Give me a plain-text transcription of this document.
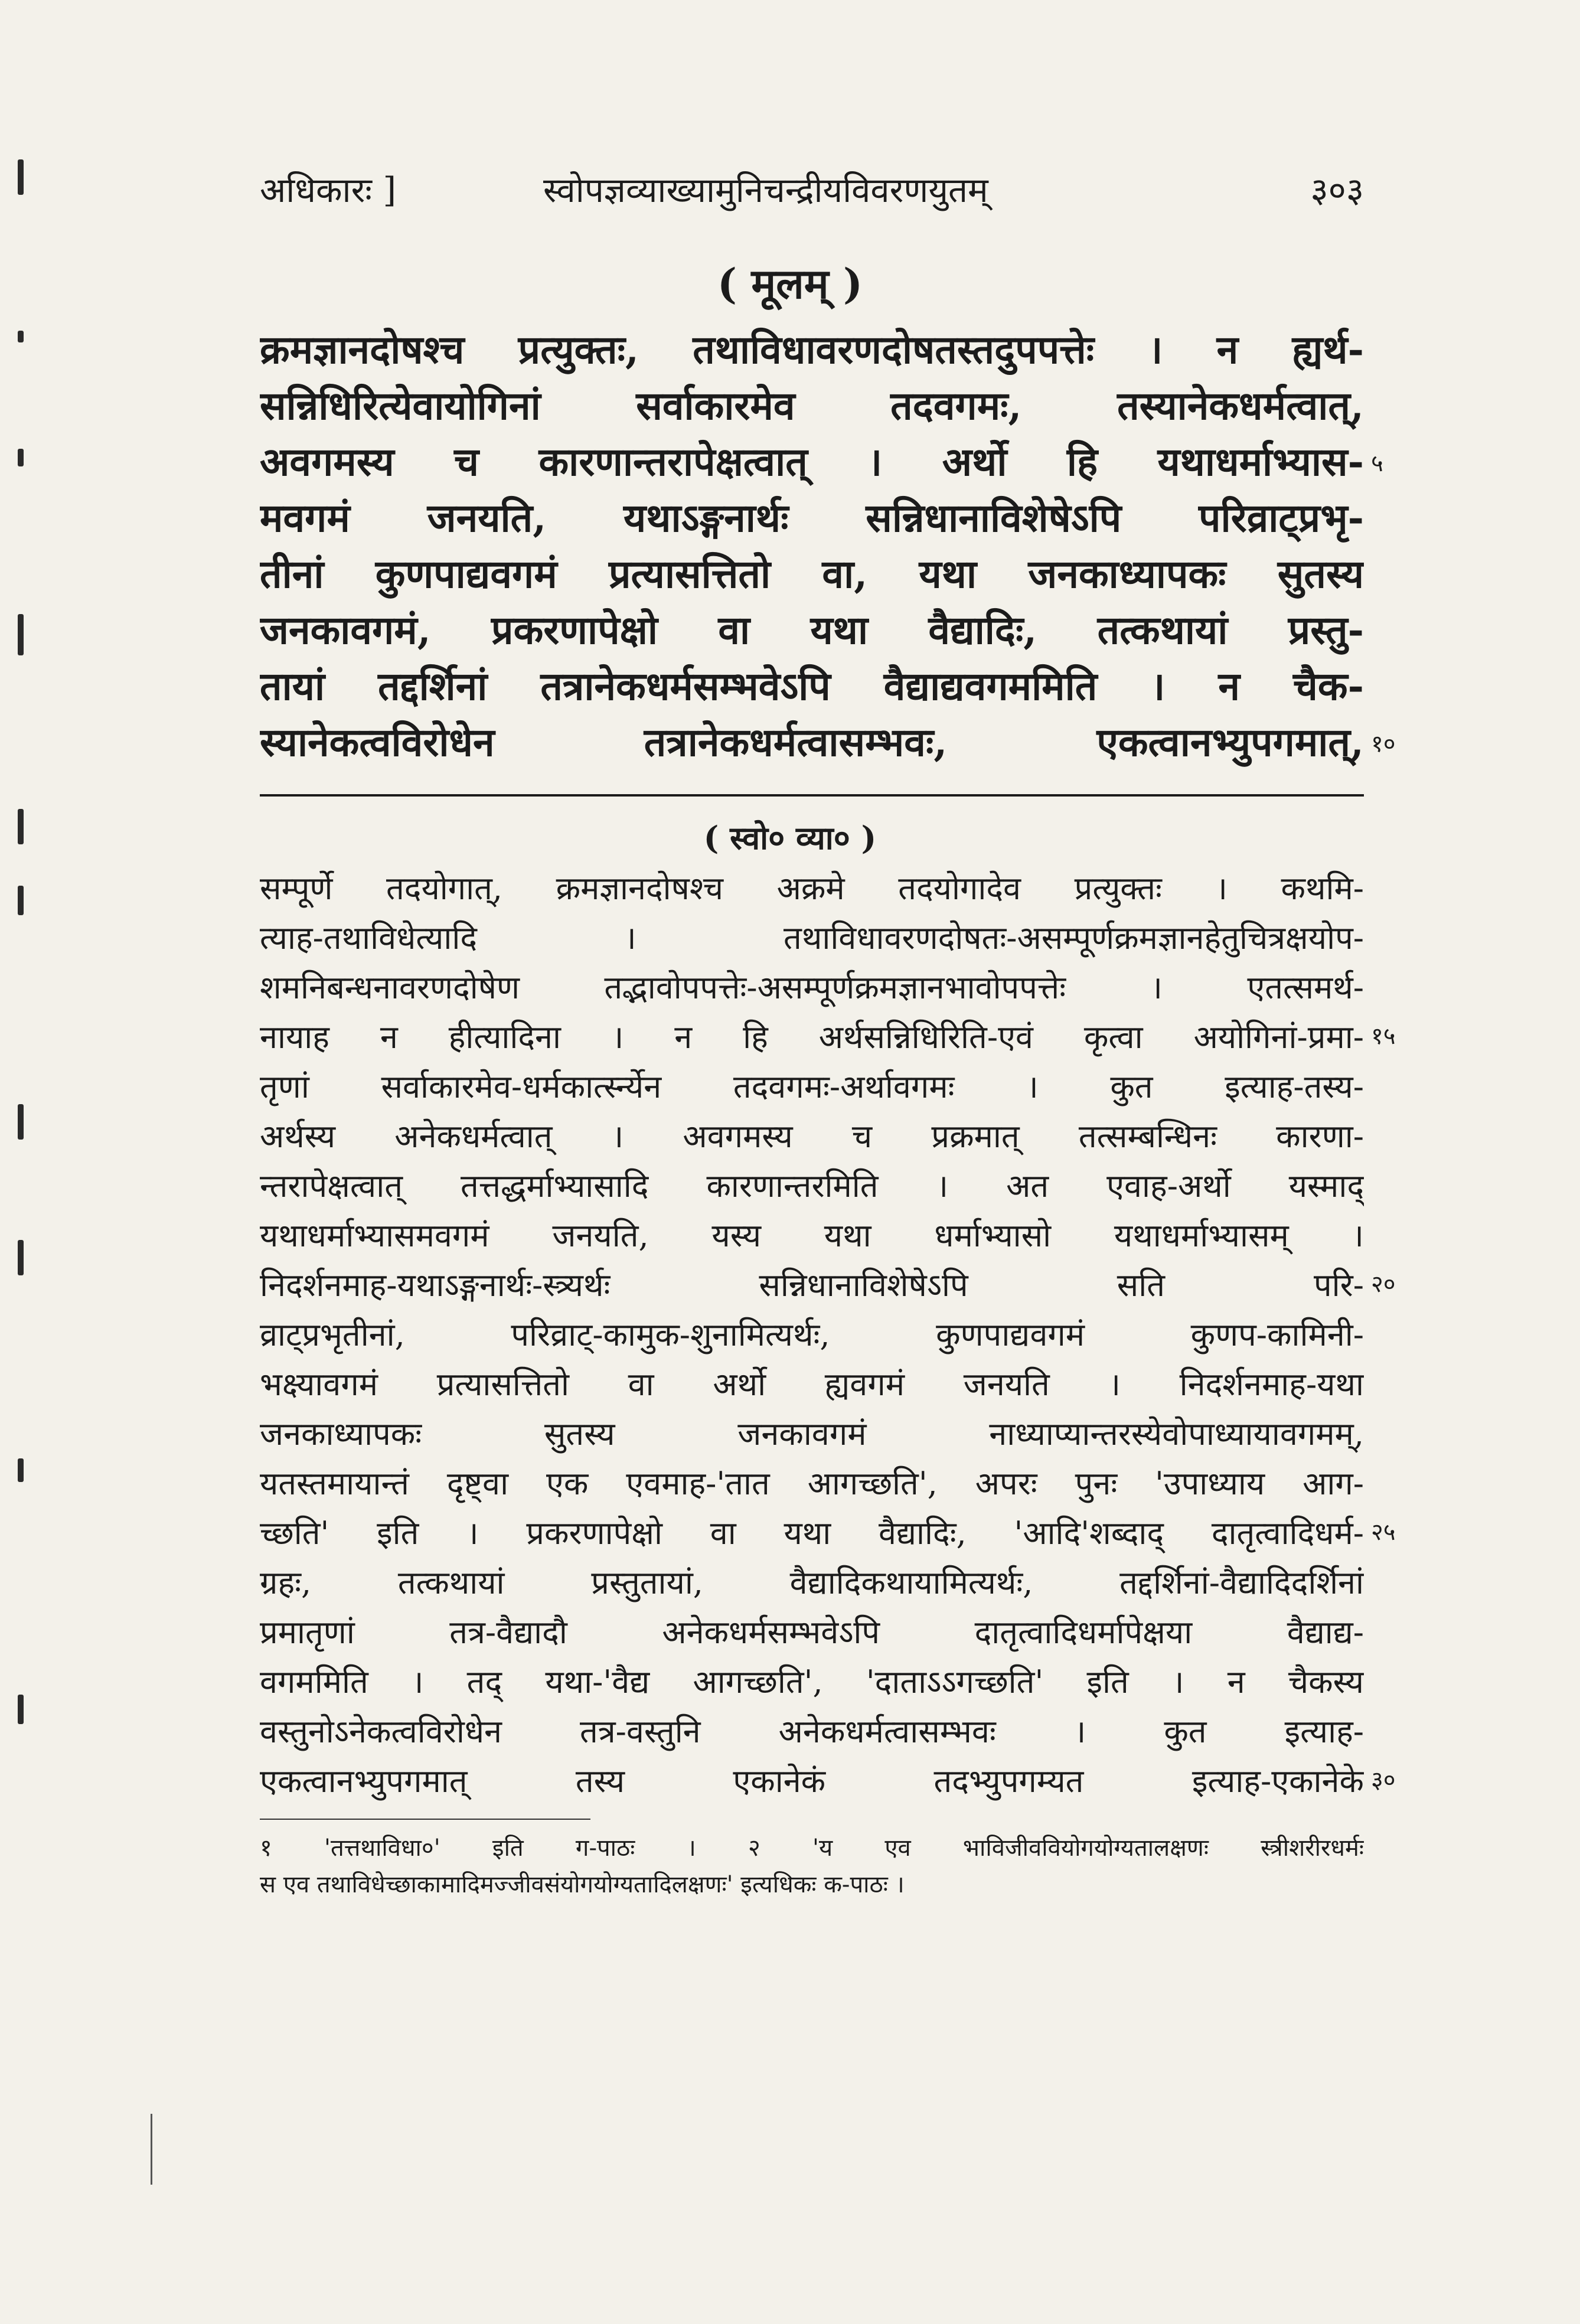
अधिकारः ]	स्वोपज्ञव्याख्यामुनिचन्द्रीयविवरणयुतम्	३०३
( मूलम् )
क्रमज्ञानदोषश्च प्रत्युक्तः, तथाविधावरणदोषतस्तदुपपत्तेः । न ह्यर्थ-
सन्निधिरित्येवायोगिनां सर्वाकारमेव तदवगमः, तस्यानेकधर्मत्वात्,
अवगमस्य च कारणान्तरापेक्षत्वात् । अर्थो हि यथाधर्माभ्यास-
मवगमं जनयति, यथाऽङ्गनार्थः सन्निधानाविशेषेऽपि परिव्राट्प्रभृ-
तीनां कुणपाद्यवगमं प्रत्यासत्तितो वा, यथा जनकाध्यापकः सुतस्य
जनकावगमं, प्रकरणापेक्षो वा यथा वैद्यादिः, तत्कथायां प्रस्तु-
तायां तद्दर्शिनां तत्रानेकधर्मसम्भवेऽपि वैद्याद्यवगममिति । न चैक-
स्यानेकत्वविरोधेन तत्रानेकधर्मत्वासम्भवः, एकत्वानभ्युपगमात्,
५
१०
( स्वो० व्या० )
सम्पूर्णे तदयोगात्, क्रमज्ञानदोषश्च अक्रमे तदयोगादेव प्रत्युक्तः । कथमि-
त्याह-तथाविधेत्यादि । तथाविधावरणदोषतः-असम्पूर्णक्रमज्ञानहेतुचित्रक्षयोप-
शमनिबन्धनावरणदोषेण तद्भावोपपत्तेः-असम्पूर्णक्रमज्ञानभावोपपत्तेः । एतत्समर्थ-
नायाह न हीत्यादिना । न हि अर्थसन्निधिरिति-एवं कृत्वा अयोगिनां-प्रमा-
तृणां सर्वाकारमेव-धर्मकार्त्स्न्येन तदवगमः-अर्थावगमः । कुत इत्याह-तस्य-
अर्थस्य अनेकधर्मत्वात् । अवगमस्य च प्रक्रमात् तत्सम्बन्धिनः कारणा-
न्तरापेक्षत्वात् तत्तद्धर्माभ्यासादि कारणान्तरमिति । अत एवाह-अर्थो यस्माद्
यथाधर्माभ्यासमवगमं जनयति, यस्य यथा धर्माभ्यासो यथाधर्माभ्यासम् ।
निदर्शनमाह-यथाऽङ्गनार्थः-स्त्र्यर्थः सन्निधानाविशेषेऽपि सति परि-
व्राट्प्रभृतीनां, परिव्राट्-कामुक-शुनामित्यर्थः, कुणपाद्यवगमं कुणप-कामिनी-
भक्ष्यावगमं प्रत्यासत्तितो वा अर्थो ह्यवगमं जनयति । निदर्शनमाह-यथा
जनकाध्यापकः सुतस्य जनकावगमं नाध्याप्यान्तरस्येवोपाध्यायावगमम्,
यतस्तमायान्तं दृष्ट्वा एक एवमाह-'तात आगच्छति', अपरः पुनः 'उपाध्याय आग-
च्छति' इति । प्रकरणापेक्षो वा यथा वैद्यादिः, 'आदि'शब्दाद् दातृत्वादिधर्म-
ग्रहः, तत्कथायां प्रस्तुतायां, वैद्यादिकथायामित्यर्थः, तद्दर्शिनां-वैद्यादिदर्शिनां
प्रमातृणां तत्र-वैद्यादौ अनेकधर्मसम्भवेऽपि दातृत्वादिधर्मापेक्षया वैद्याद्य-
वगममिति । तद् यथा-'वैद्य आगच्छति', 'दाताऽऽगच्छति' इति । न चैकस्य
वस्तुनोऽनेकत्वविरोधेन तत्र-वस्तुनि अनेकधर्मत्वासम्भवः । कुत इत्याह-
एकत्वानभ्युपगमात् तस्य एकानेकं तदभ्युपगम्यत इत्याह-एकानेके
१५
२०
२५
३०
१ 'तत्तथाविधा०' इति ग-पाठः । २ 'य एव भाविजीववियोगयोग्यतालक्षणः स्त्रीशरीरधर्मः
स एव तथाविधेच्छाकामादिमज्जीवसंयोगयोग्यतादिलक्षणः' इत्यधिकः क-पाठः ।
